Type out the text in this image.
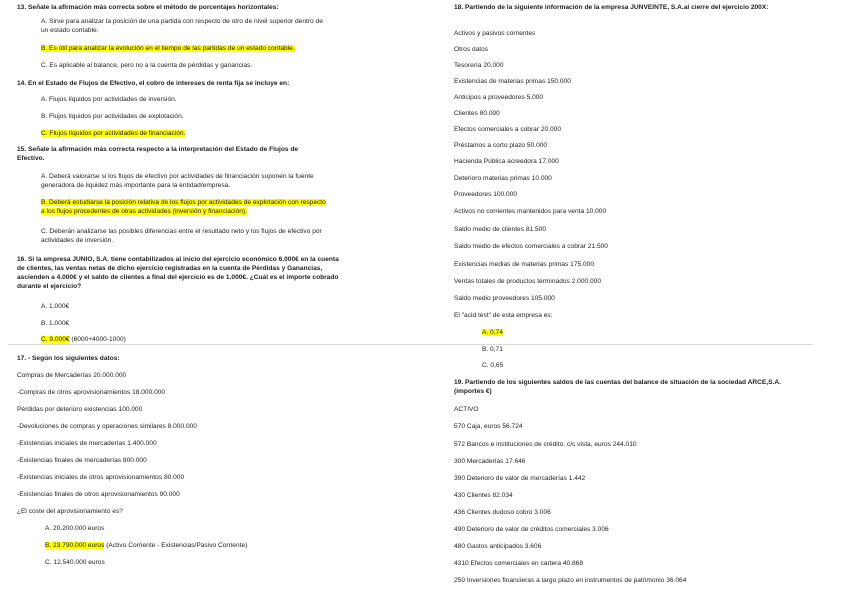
13. Señale la afirmación más correcta sobre el método de porcentajes horizontales:
A. Sirve para analizar la posición de una partida con respecto de otro de nivel superior dentro de un estado contable.
B. Es útil para analizar la evolución en el tiempo de las partidas de un estado contable.
C. Es aplicable al balance, pero no a la cuenta de pérdidas y ganancias.
14. En el Estado de Flujos de Efectivo, el cobro de intereses de renta fija se incluye en:
A. Flujos líquidos por actividades de inversión.
B. Flujos líquidos por actividades de explotación.
C. Flujos líquidos por actividades de financiación.
15. Señale la afirmación más correcta respecto a la interpretación del Estado de Flujos de Efectivo.
A. Deberá valorarse si los flujos de efectivo por actividades de financiación suponen la fuente generadora de liquidez más importante para la entidad/empresa.
B. Deberá estudiarse la posición relativa de los flujos por actividades de explotación con respecto a los flujos procedentes de otras actividades (inversión y financiación).
C. Deberán analizarse las posibles diferencias entre el resultado neto y los flujos de efectivo por actividades de inversión.
16. Si la empresa JUNIO, S.A. tiene contabilizados al inicio del ejercicio económico 6.000€ en la cuenta de clientes, las ventas netas de dicho ejercicio registradas en la cuenta de Pérdidas y Ganancias, ascienden a 4.000€ y el saldo de clientes a final del ejercicio es de 1.000€. ¿Cuál es el importe cobrado durante el ejercicio?
A. 1.000€
B. 1.000€
C. 9.000€ (6000+4000-1000)
17. - Según los siguientes datos:
Compras de Mercaderías 20.000.000
-Compras de otros aprovisionamientos 18.000.000
Pérdidas por deterioro existencias 100.000
-Devoluciones de compras y operaciones similares 8.000.000
-Existencias iniciales de mercaderías 1.400.000
-Existencias finales de mercaderías 800.000
-Existencias iniciales de otros aprovisionamientos 80.000
-Existencias finales de otros aprovisionamientos 90.000
¿El coste del aprovisionamiento es?
A. 20.200.000 euros
B. 23.790.000 euros (Activo Corriente - Existencias/Pasivo Corriente)
C. 12.540.000 euros
18. Partiendo de la siguiente información de la empresa JUNVEINTE, S.A.al cierre del ejercicio 200X:
Activos y pasivos corrientes
Otros datos
Tesorería 20.000
Existencias de materias primas 150.000
Anticipos a proveedores 5.000
Clientes 80.000
Efectos comerciales a cobrar 20.000
Préstamos a corto plazo 50.000
Hacienda Pública acreedora 17.000
Deterioro materias primas 10.000
Proveedores 100.000
Activos no corrientes mantenidos para venta 10.000
Saldo medio de clientes 81.500
Saldo medio de efectos comerciales a cobrar 21.500
Existencias medias de materias primas 175.000
Ventas totales de productos terminados 2.000.000
Saldo medio proveedores 105.000
El "acid test" de esta empresa es:
A. 0,74
B. 0,71
C. 0,65
19. Partiendo de los siguientes saldos de las cuentas del balance de situación de la sociedad ARCE,S.A. (importes €)
ACTIVO
570 Caja, euros 56.724
572 Bancos e instituciones de crédito, c/c vista, euros 244.010
300 Mercaderías 17.646
390 Deterioro de valor de mercaderías 1.442
430 Clientes 82.034
436 Clientes dudoso cobro 3.006
490 Deterioro de valor de créditos comerciales 3.006
480 Gastos anticipados 3.606
4310 Efectos comerciales en cartera 40.868
250 Inversiones financieras a largo plazo en instrumentos de patrimonio 36.064
